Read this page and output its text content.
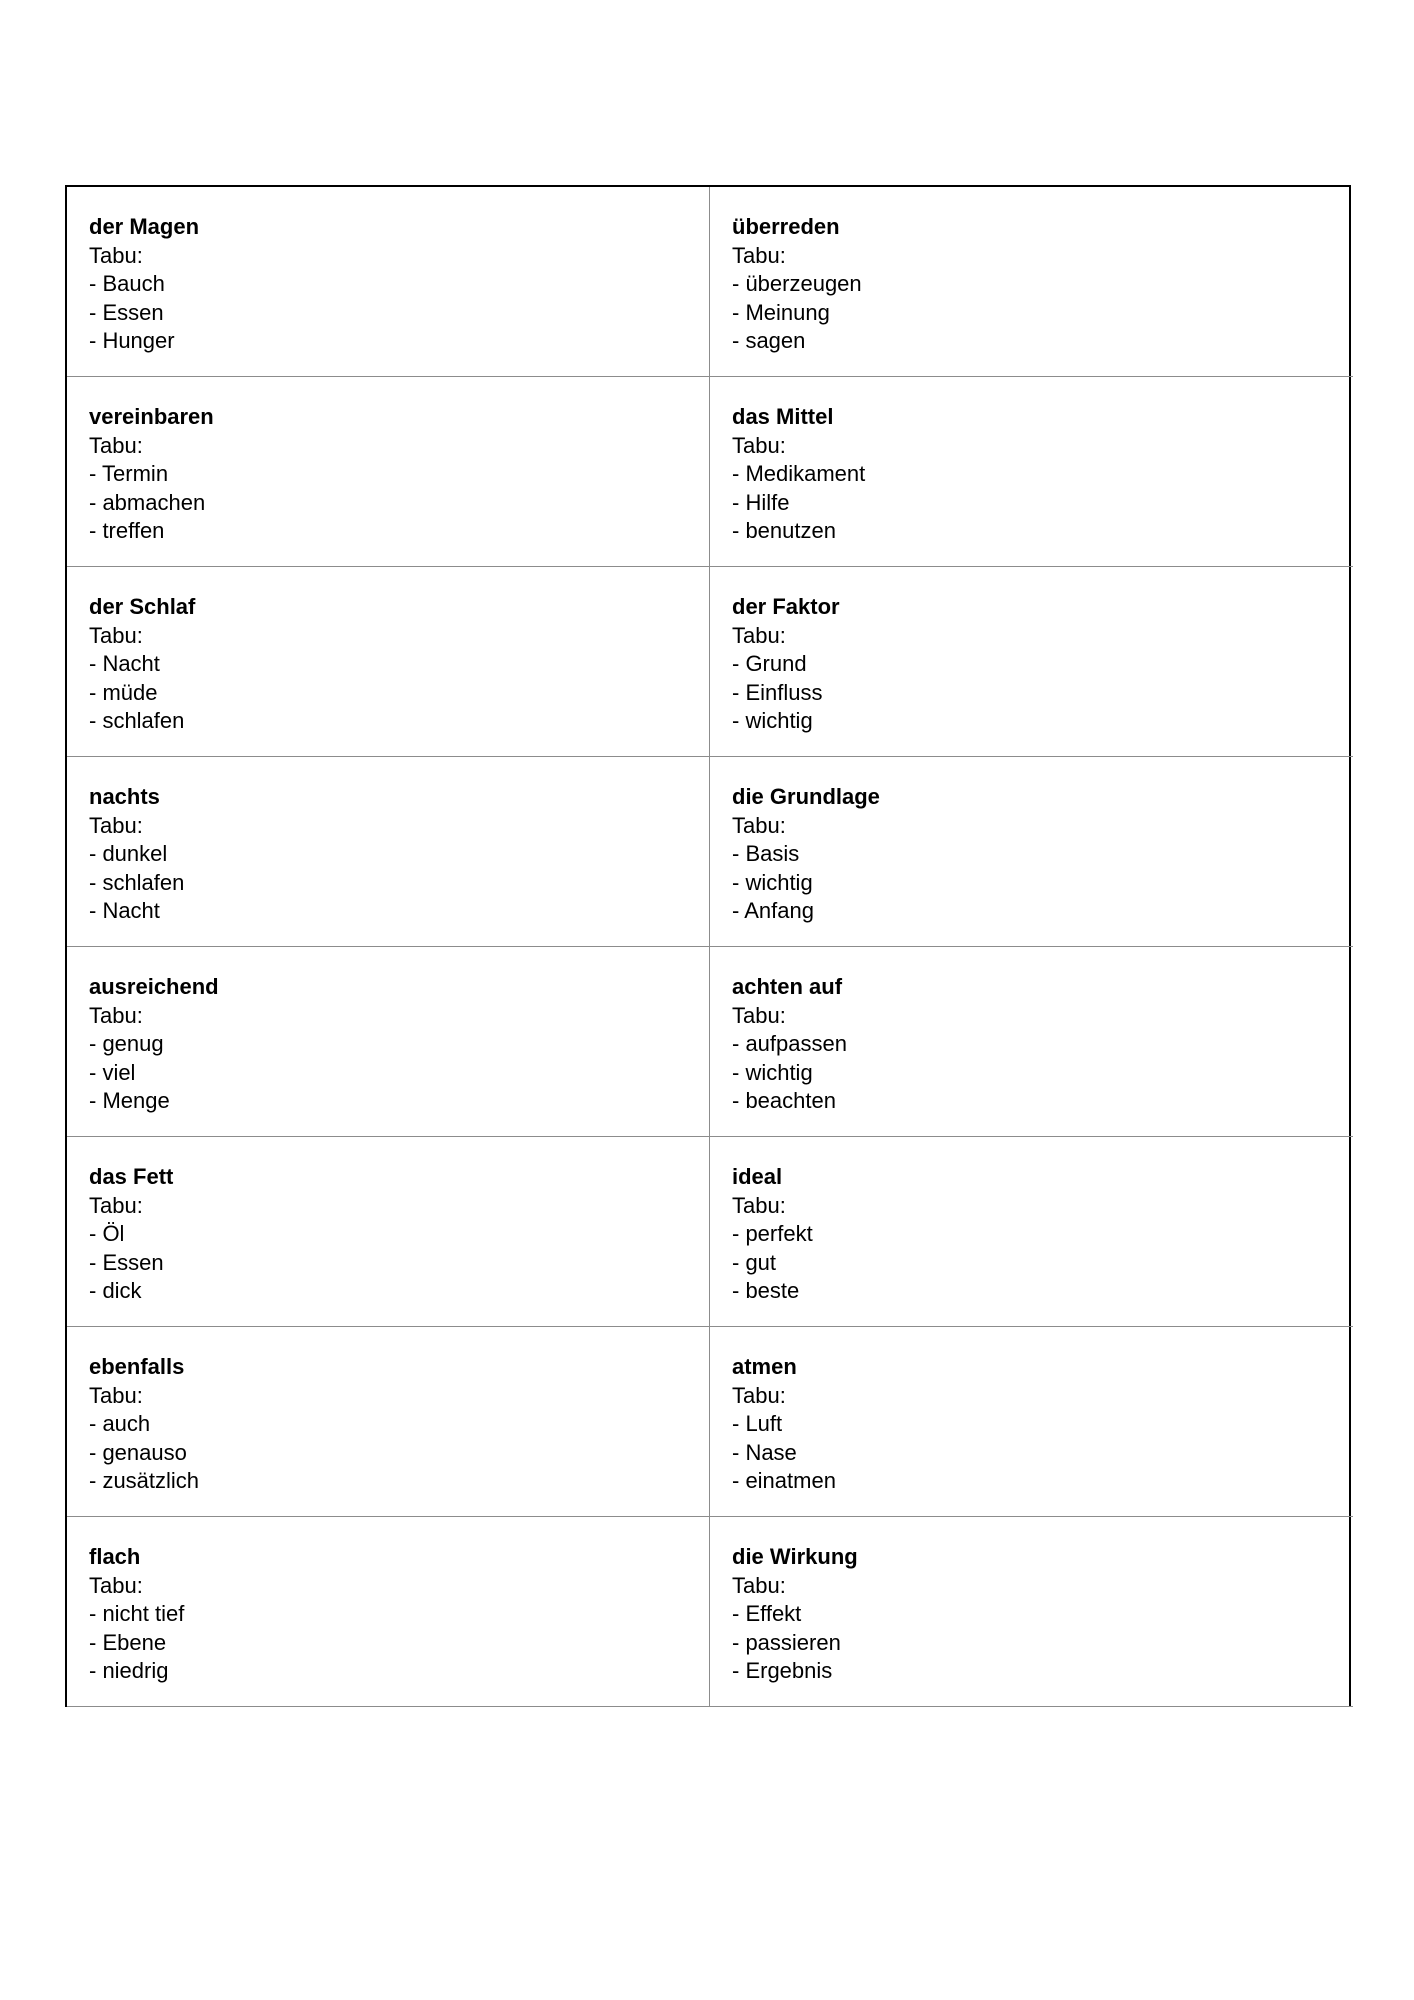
der Magen
Tabu:
- Bauch
- Essen
- Hunger
überreden
Tabu:
- überzeugen
- Meinung
- sagen
vereinbaren
Tabu:
- Termin
- abmachen
- treffen
das Mittel
Tabu:
- Medikament
- Hilfe
- benutzen
der Schlaf
Tabu:
- Nacht
- müde
- schlafen
der Faktor
Tabu:
- Grund
- Einfluss
- wichtig
nachts
Tabu:
- dunkel
- schlafen
- Nacht
die Grundlage
Tabu:
- Basis
- wichtig
- Anfang
ausreichend
Tabu:
- genug
- viel
- Menge
achten auf
Tabu:
- aufpassen
- wichtig
- beachten
das Fett
Tabu:
- Öl
- Essen
- dick
ideal
Tabu:
- perfekt
- gut
- beste
ebenfalls
Tabu:
- auch
- genauso
- zusätzlich
atmen
Tabu:
- Luft
- Nase
- einatmen
flach
Tabu:
- nicht tief
- Ebene
- niedrig
die Wirkung
Tabu:
- Effekt
- passieren
- Ergebnis
